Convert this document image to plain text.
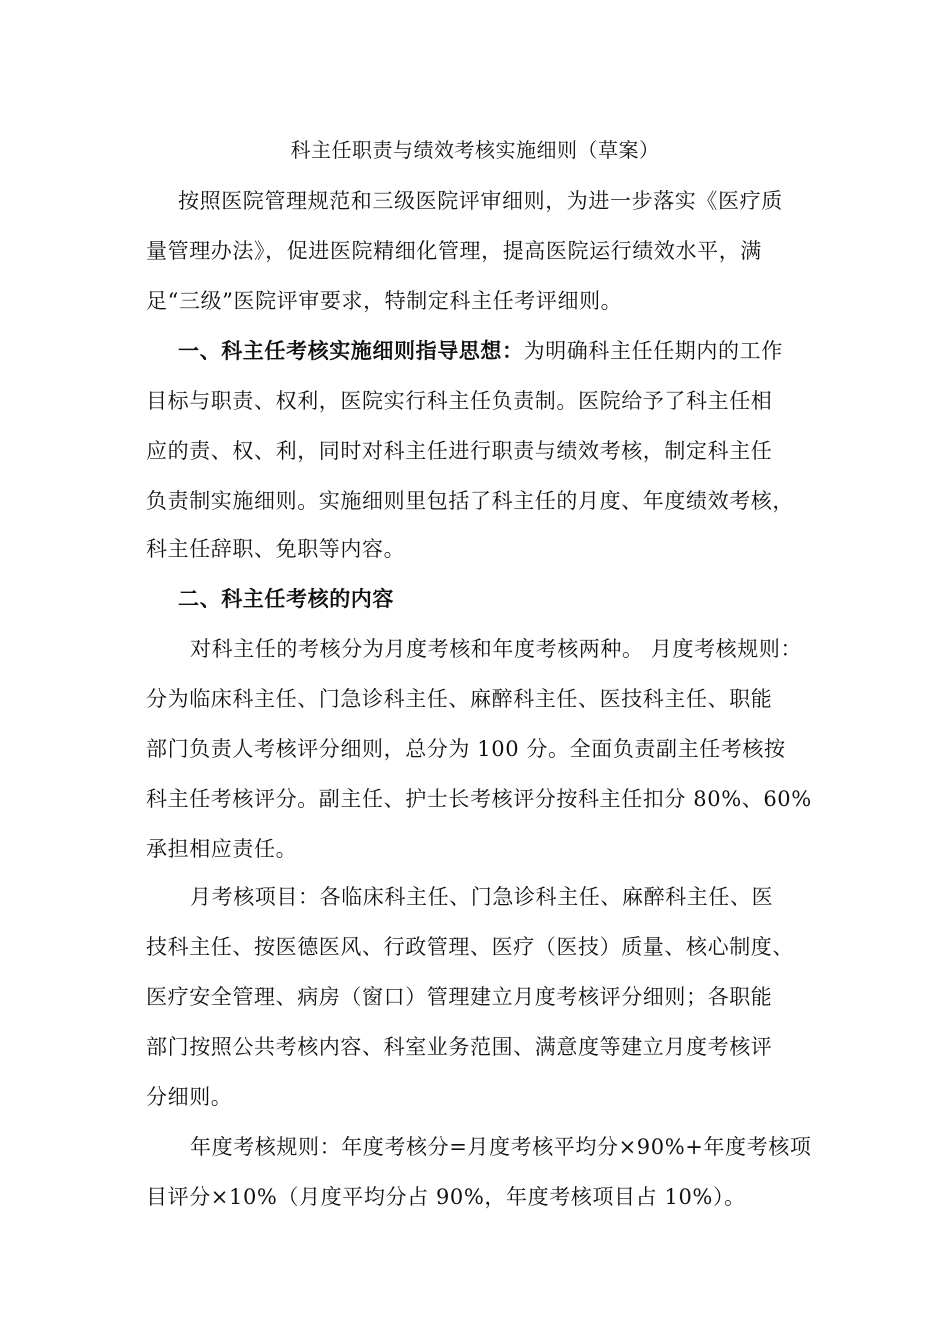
科主任职责与绩效考核实施细则（草案）
按照医院管理规范和三级医院评审细则，为进一步落实《医疗质
量管理办法》，促进医院精细化管理，提高医院运行绩效水平，满
足“三级”医院评审要求，特制定科主任考评细则。
一、科主任考核实施细则指导思想：为明确科主任任期内的工作
目标与职责、权利，医院实行科主任负责制。医院给予了科主任相
应的责、权、利，同时对科主任进行职责与绩效考核，制定科主任
负责制实施细则。实施细则里包括了科主任的月度、年度绩效考核，
科主任辞职、免职等内容。
二、科主任考核的内容
对科主任的考核分为月度考核和年度考核两种。 月度考核规则：
分为临床科主任、门急诊科主任、麻醉科主任、医技科主任、职能
部门负责人考核评分细则，总分为 100 分。全面负责副主任考核按
科主任考核评分。副主任、护士长考核评分按科主任扣分 80%、60%
承担相应责任。
月考核项目：各临床科主任、门急诊科主任、麻醉科主任、医
技科主任、按医德医风、行政管理、医疗（医技）质量、核心制度、
医疗安全管理、病房（窗口）管理建立月度考核评分细则；各职能
部门按照公共考核内容、科室业务范围、满意度等建立月度考核评
分细则。
年度考核规则：年度考核分=月度考核平均分×90%+年度考核项
目评分×10%（月度平均分占 90%，年度考核项目占 10%）。
